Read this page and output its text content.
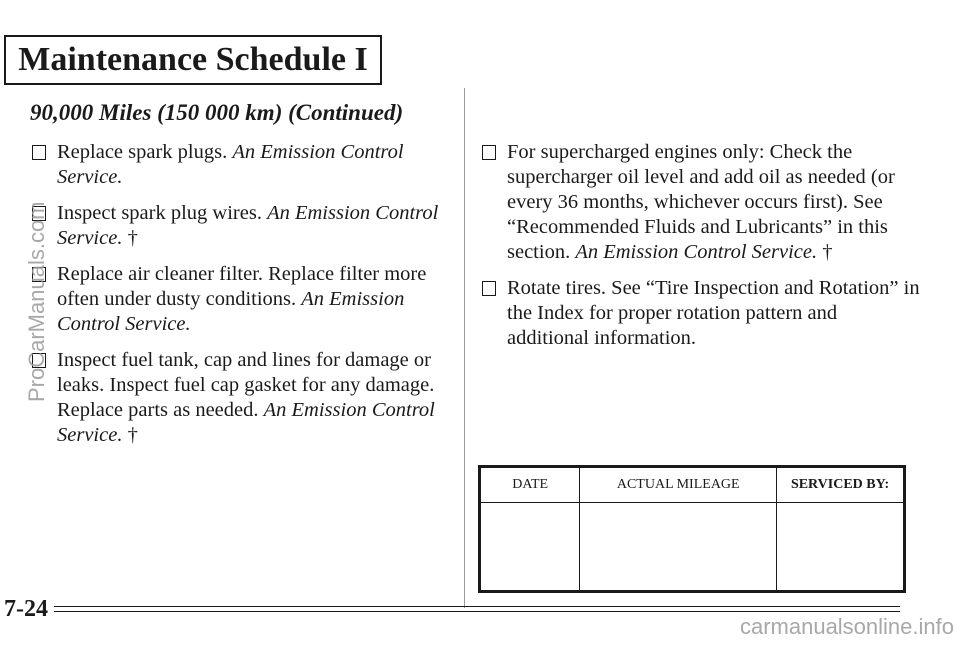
Maintenance Schedule I
90,000 Miles (150 000 km) (Continued)
Replace spark plugs. An Emission Control Service.
Inspect spark plug wires. An Emission Control Service. †
Replace air cleaner filter. Replace filter more often under dusty conditions. An Emission Control Service.
Inspect fuel tank, cap and lines for damage or leaks. Inspect fuel cap gasket for any damage. Replace parts as needed. An Emission Control Service. †
For supercharged engines only: Check the supercharger oil level and add oil as needed (or every 36 months, whichever occurs first). See “Recommended Fluids and Lubricants” in this section. An Emission Control Service. †
Rotate tires. See “Tire Inspection and Rotation” in the Index for proper rotation pattern and additional information.
DATE	ACTUAL MILEAGE	SERVICED BY:

7-24
ProCarManuals.com
carmanualsonline.info
